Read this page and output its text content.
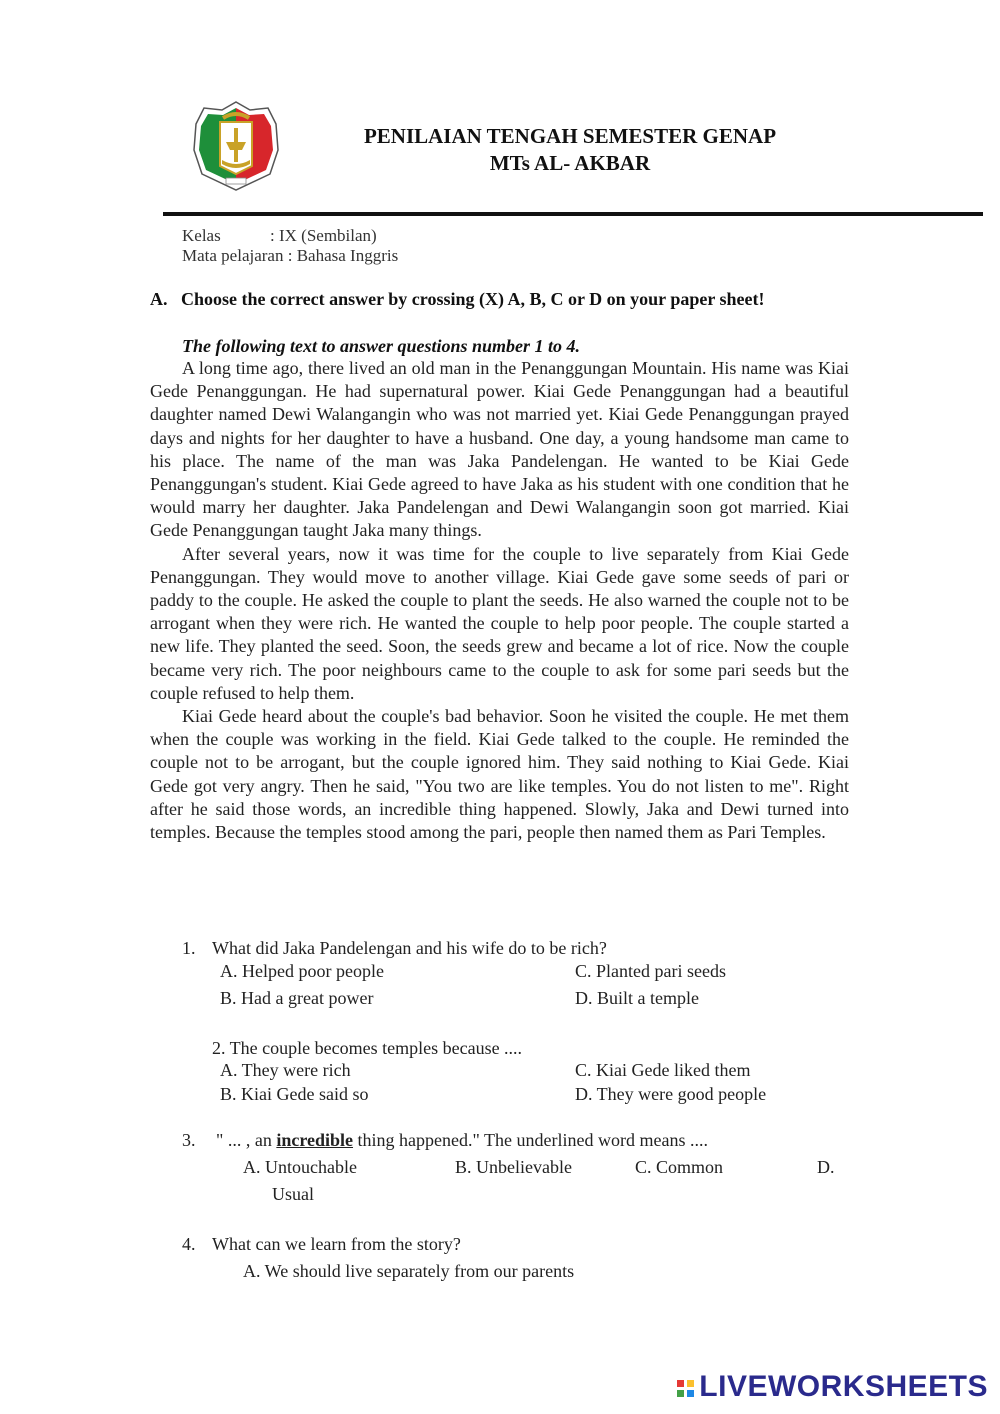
PENILAIAN TENGAH SEMESTER GENAP
MTs AL- AKBAR
Kelas	: IX (Sembilan)
Mata pelajaran : Bahasa Inggris
A. Choose the correct answer by crossing (X) A, B, C or D on your paper sheet!
The following text to answer questions number 1 to 4.

A long time ago, there lived an old man in the Penanggungan Mountain. His name was Kiai Gede Penanggungan. He had supernatural power. Kiai Gede Penanggungan had a beautiful daughter named Dewi Walangangin who was not married yet. Kiai Gede Penanggungan prayed days and nights for her daughter to have a husband. One day, a young handsome man came to his place. The name of the man was Jaka Pandelengan. He wanted to be Kiai Gede Penanggungan's student. Kiai Gede agreed to have Jaka as his student with one condition that he would marry her daughter. Jaka Pandelengan and Dewi Walangangin soon got married. Kiai Gede Penanggungan taught Jaka many things.

After several years, now it was time for the couple to live separately from Kiai Gede Penanggungan. They would move to another village. Kiai Gede gave some seeds of pari or paddy to the couple. He asked the couple to plant the seeds. He also warned the couple not to be arrogant when they were rich. He wanted the couple to help poor people. The couple started a new life. They planted the seed. Soon, the seeds grew and became a lot of rice. Now the couple became very rich. The poor neighbours came to the couple to ask for some pari seeds but the couple refused to help them.

Kiai Gede heard about the couple's bad behavior. Soon he visited the couple. He met them when the couple was working in the field. Kiai Gede talked to the couple. He reminded the couple not to be arrogant, but the couple ignored him. They said nothing to Kiai Gede. Kiai Gede got very angry. Then he said, "You two are like temples. You do not listen to me". Right after he said those words, an incredible thing happened. Slowly, Jaka and Dewi turned into temples. Because the temples stood among the pari, people then named them as Pari Temples.

1. What did Jaka Pandelengan and his wife do to be rich?
A. Helped poor people	C. Planted pari seeds
B. Had a great power	D. Built a temple
2. The couple becomes temples because ....
A. They were rich	C. Kiai Gede liked them
B. Kiai Gede said so	D. They were good people
3. " ... , an incredible thing happened." The underlined word means ....
A. Untouchable	B. Unbelievable	C. Common	D.
Usual
4. What can we learn from the story?
A. We should live separately from our parents
LIVEWORKSHEETS
